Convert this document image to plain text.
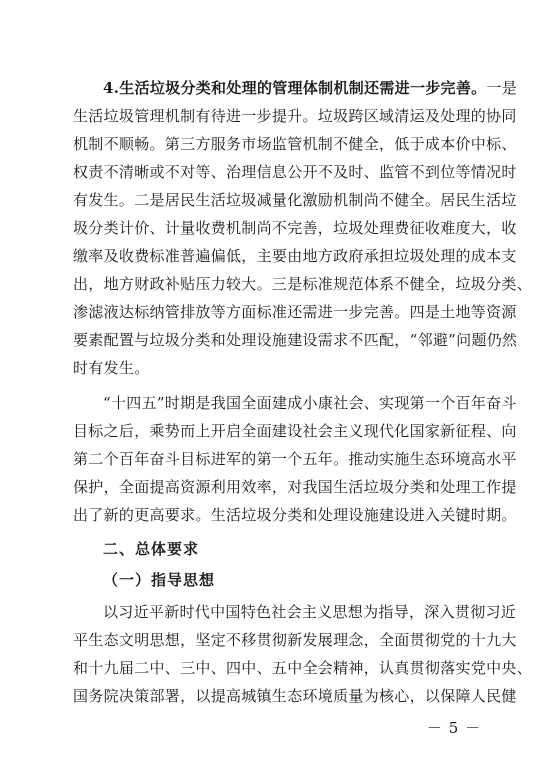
4.生活垃圾分类和处理的管理体制机制还需进一步完善。一是
生活垃圾管理机制有待进一步提升。垃圾跨区域清运及处理的协同
机制不顺畅。第三方服务市场监管机制不健全，低于成本价中标、
权责不清晰或不对等、治理信息公开不及时、监管不到位等情况时
有发生。二是居民生活垃圾减量化激励机制尚不健全。居民生活垃
圾分类计价、计量收费机制尚不完善，垃圾处理费征收难度大，收
缴率及收费标准普遍偏低，主要由地方政府承担垃圾处理的成本支
出，地方财政补贴压力较大。三是标准规范体系不健全，垃圾分类、
渗滤液达标纳管排放等方面标准还需进一步完善。四是土地等资源
要素配置与垃圾分类和处理设施建设需求不匹配，“邻避”问题仍然
时有发生。
“十四五”时期是我国全面建成小康社会、实现第一个百年奋斗
目标之后，乘势而上开启全面建设社会主义现代化国家新征程、向
第二个百年奋斗目标进军的第一个五年。推动实施生态环境高水平
保护，全面提高资源利用效率，对我国生活垃圾分类和处理工作提
出了新的更高要求。生活垃圾分类和处理设施建设进入关键时期。
二、总体要求
（一）指导思想
以习近平新时代中国特色社会主义思想为指导，深入贯彻习近
平生态文明思想，坚定不移贯彻新发展理念，全面贯彻党的十九大
和十九届二中、三中、四中、五中全会精神，认真贯彻落实党中央、
国务院决策部署，以提高城镇生态环境质量为核心，以保障人民健
－ 5 －
